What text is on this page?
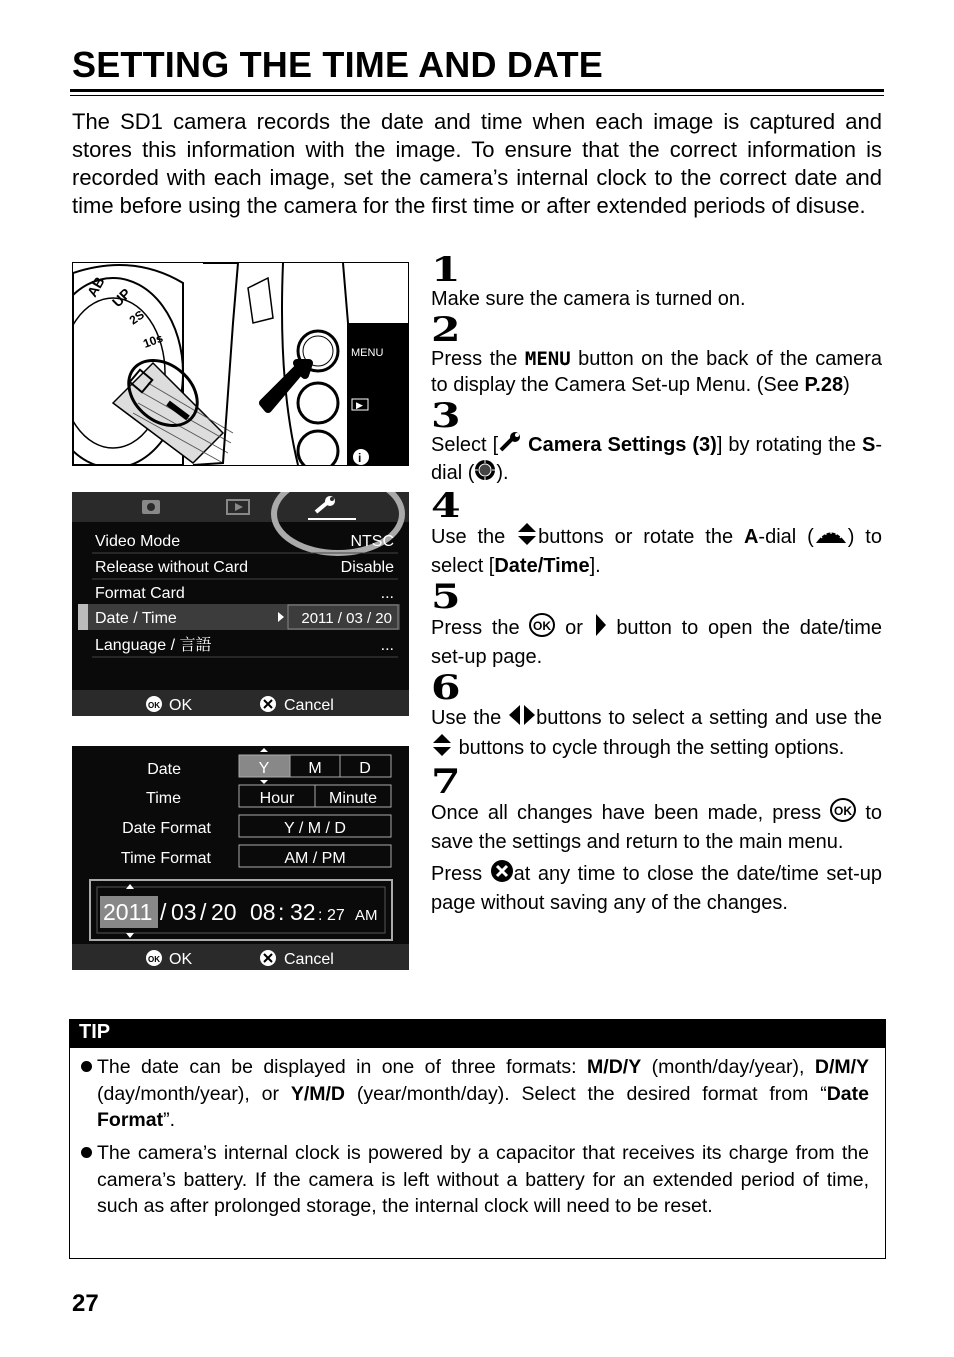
SETTING THE TIME AND DATE
The SD1 camera records the date and time when each image is captured and stores this information with the image. To ensure that the correct information is recorded with each image, set the camera’s internal clock to the correct date and time before using the camera for the first time or after extended periods of disuse.
AB UP
2S
10s
MENU
▶
i
Video Mode	NTSC
Release without Card	Disable
Format Card	...
Date / Time	2011 / 03 / 20
Language / 言語	...
OK OK	Cancel
Date	Y M D
Time	Hour Minute
Date Format	Y / M / D
Time Format	AM / PM
2011 / 03 / 20 08 : 32 : 27 AM
OK OK	Cancel
1
Make sure the camera is turned on.
2
Press the MENU button on the back of the camera to display the Camera Set-up Menu. (See P.28)
3
Select [ Camera Settings (3)] by rotating the S-dial ( ).
4
Use the buttons or rotate the A-dial ( ) to select [Date/Time].
5
Press the OK or button to open the date/time set-up page.
6
Use the buttons to select a setting and use the  buttons to cycle through the setting options.
7
Once all changes have been made, press OK to save the settings and return to the main menu.
Press at any time to close the date/time set-up page without saving any of the changes.
TIP
The date can be displayed in one of three formats: M/D/Y (month/day/year), D/M/Y (day/month/year), or Y/M/D (year/month/day). Select the desired format from “Date Format”.
The camera’s internal clock is powered by a capacitor that receives its charge from the camera’s battery. If the camera is left without a battery for an extended period of time, such as after prolonged storage, the internal clock will need to be reset.
27
